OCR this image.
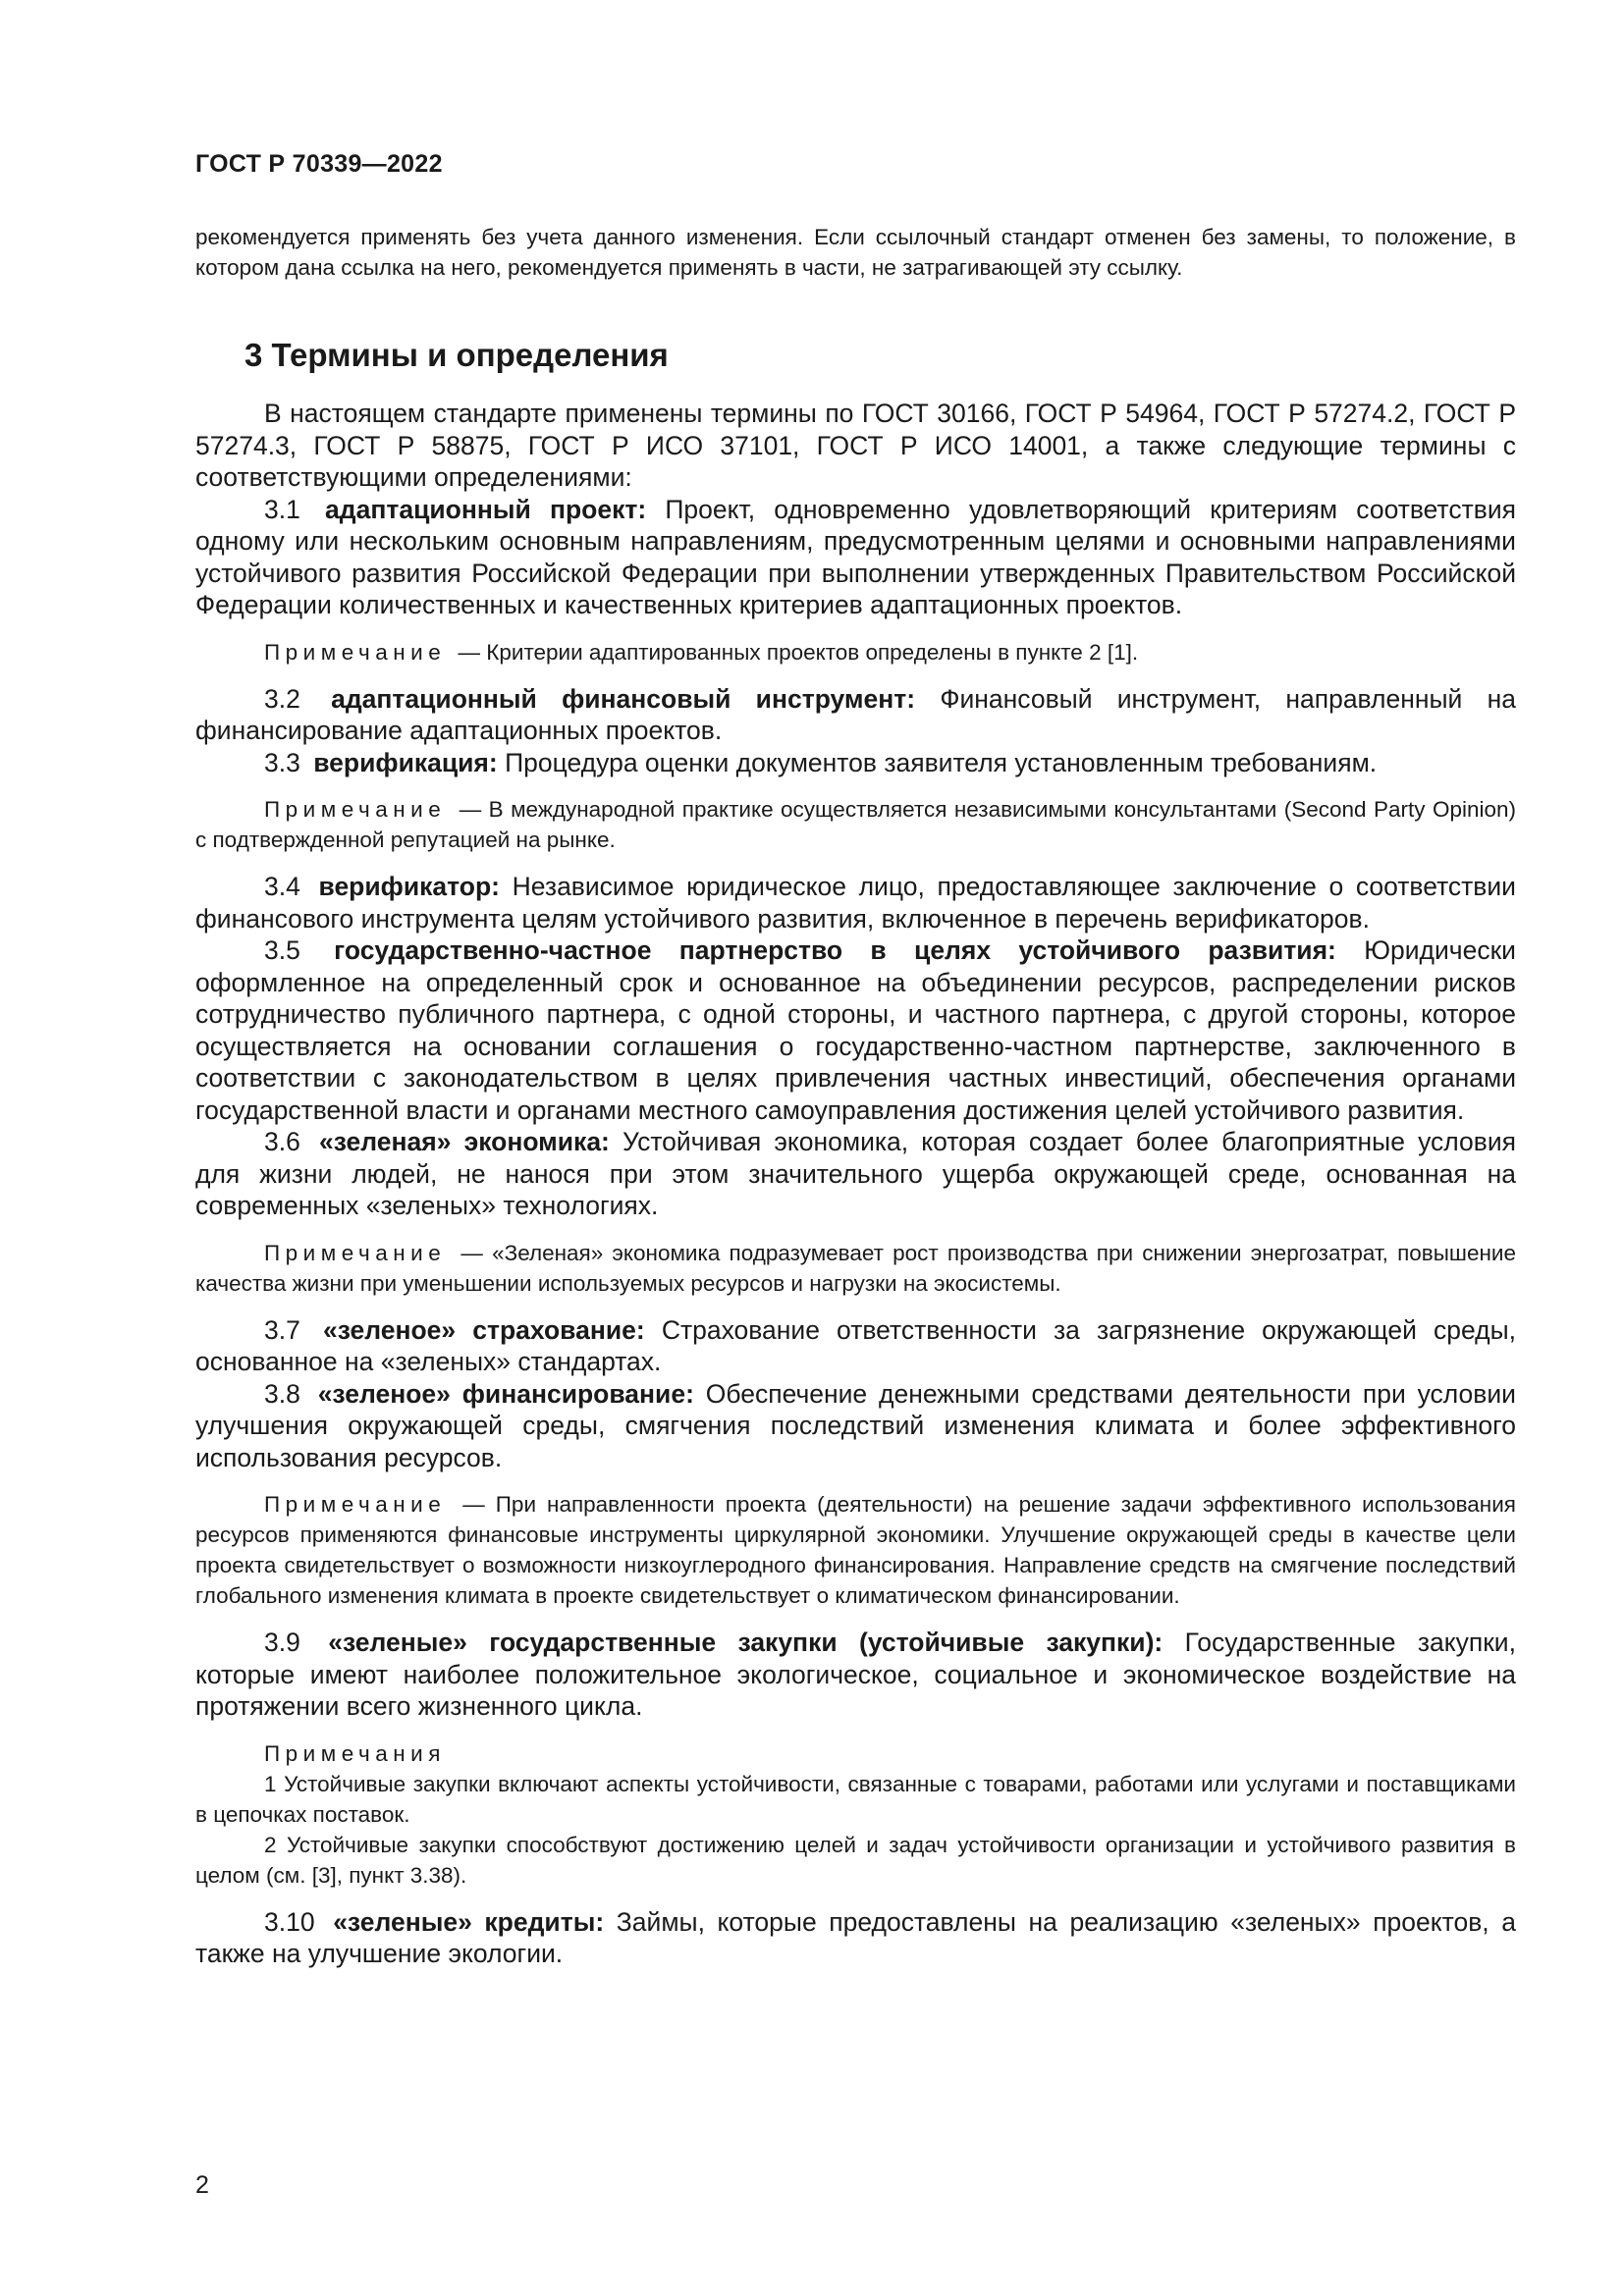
ГОСТ Р 70339—2022

рекомендуется применять без учета данного изменения. Если ссылочный стандарт отменен без замены, то положение, в котором дана ссылка на него, рекомендуется применять в части, не затрагивающей эту ссылку.

3 Термины и определения

В настоящем стандарте применены термины по ГОСТ 30166, ГОСТ Р 54964, ГОСТ Р 57274.2, ГОСТ Р 57274.3, ГОСТ Р 58875, ГОСТ Р ИСО 37101, ГОСТ Р ИСО 14001, а также следующие термины с соответствующими определениями:

3.1 адаптационный проект: Проект, одновременно удовлетворяющий критериям соответствия одному или нескольким основным направлениям, предусмотренным целями и основными направлениями устойчивого развития Российской Федерации при выполнении утвержденных Правительством Российской Федерации количественных и качественных критериев адаптационных проектов.

Примечание — Критерии адаптированных проектов определены в пункте 2 [1].

3.2 адаптационный финансовый инструмент: Финансовый инструмент, направленный на финансирование адаптационных проектов.

3.3 верификация: Процедура оценки документов заявителя установленным требованиям.

Примечание — В международной практике осуществляется независимыми консультантами (Second Party Opinion) с подтвержденной репутацией на рынке.

3.4 верификатор: Независимое юридическое лицо, предоставляющее заключение о соответствии финансового инструмента целям устойчивого развития, включенное в перечень верификаторов.

3.5 государственно-частное партнерство в целях устойчивого развития: Юридически оформленное на определенный срок и основанное на объединении ресурсов, распределении рисков сотрудничество публичного партнера, с одной стороны, и частного партнера, с другой стороны, которое осуществляется на основании соглашения о государственно-частном партнерстве, заключенного в соответствии с законодательством в целях привлечения частных инвестиций, обеспечения органами государственной власти и органами местного самоуправления достижения целей устойчивого развития.

3.6 «зеленая» экономика: Устойчивая экономика, которая создает более благоприятные условия для жизни людей, не нанося при этом значительного ущерба окружающей среде, основанная на современных «зеленых» технологиях.

Примечание — «Зеленая» экономика подразумевает рост производства при снижении энергозатрат, повышение качества жизни при уменьшении используемых ресурсов и нагрузки на экосистемы.

3.7 «зеленое» страхование: Страхование ответственности за загрязнение окружающей среды, основанное на «зеленых» стандартах.

3.8 «зеленое» финансирование: Обеспечение денежными средствами деятельности при условии улучшения окружающей среды, смягчения последствий изменения климата и более эффективного использования ресурсов.

Примечание — При направленности проекта (деятельности) на решение задачи эффективного использования ресурсов применяются финансовые инструменты циркулярной экономики. Улучшение окружающей среды в качестве цели проекта свидетельствует о возможности низкоуглеродного финансирования. Направление средств на смягчение последствий глобального изменения климата в проекте свидетельствует о климатическом финансировании.

3.9 «зеленые» государственные закупки (устойчивые закупки): Государственные закупки, которые имеют наиболее положительное экологическое, социальное и экономическое воздействие на протяжении всего жизненного цикла.

Примечания

1 Устойчивые закупки включают аспекты устойчивости, связанные с товарами, работами или услугами и поставщиками в цепочках поставок.

2 Устойчивые закупки способствуют достижению целей и задач устойчивости организации и устойчивого развития в целом (см. [3], пункт 3.38).

3.10 «зеленые» кредиты: Займы, которые предоставлены на реализацию «зеленых» проектов, а также на улучшение экологии.

2
